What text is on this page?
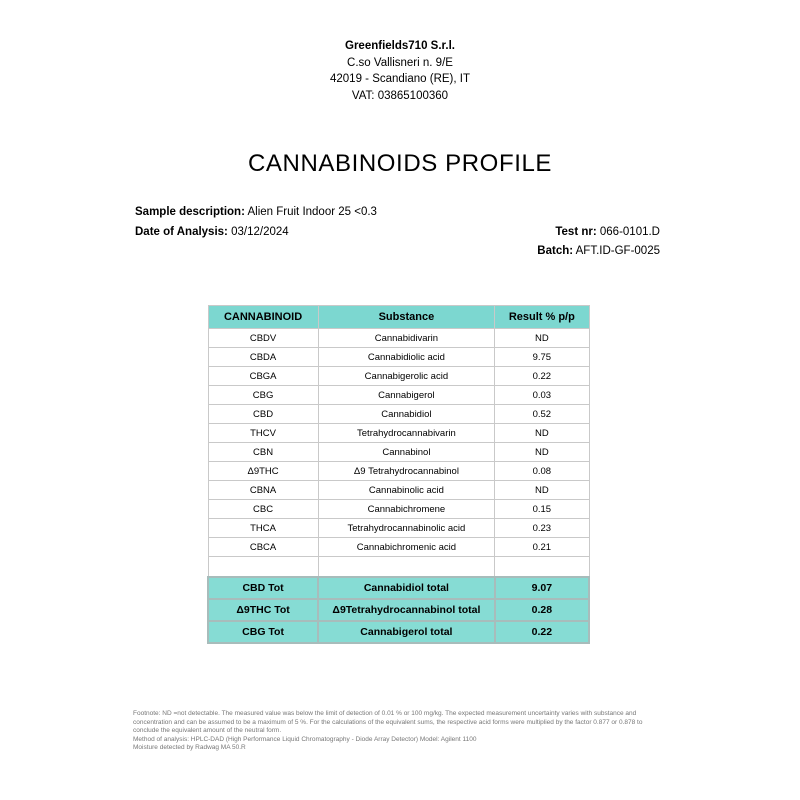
Greenfields710 S.r.l.
C.so Vallisneri n. 9/E
42019 - Scandiano (RE), IT
VAT: 03865100360
CANNABINOIDS PROFILE
Sample description: Alien Fruit Indoor 25 <0.3
Date of Analysis: 03/12/2024	Test nr: 066-0101.D
Batch: AFT.ID-GF-0025
CANNABINOID	Substance	Result % p/p
CBDV	Cannabidivarin	ND
CBDA	Cannabidiolic acid	9.75
CBGA	Cannabigerolic acid	0.22
CBG	Cannabigerol	0.03
CBD	Cannabidiol	0.52
THCV	Tetrahydrocannabivarin	ND
CBN	Cannabinol	ND
Δ9THC	Δ9 Tetrahydrocannabinol	0.08
CBNA	Cannabinolic acid	ND
CBC	Cannabichromene	0.15
THCA	Tetrahydrocannabinolic acid	0.23
CBCA	Cannabichromenic acid	0.21

CBD Tot	Cannabidiol total	9.07
Δ9THC Tot	Δ9Tetrahydrocannabinol total	0.28
CBG Tot	Cannabigerol total	0.22
Footnote: ND =not detectable. The measured value was below the limit of detection of 0.01 % or 100 mg/kg. The expected measurement uncertainty varies with substance and concentration and can be assumed to be a maximum of 5 %. For the calculations of the equivalent sums, the respective acid forms were multiplied by the factor 0.877 or 0.878 to conclude the equivalent amount of the neutral form.
Method of analysis: HPLC-DAD (High Performance Liquid Chromatography - Diode Array Detector) Model: Agilent 1100
Moisture detected by Radwag MA 50.R
